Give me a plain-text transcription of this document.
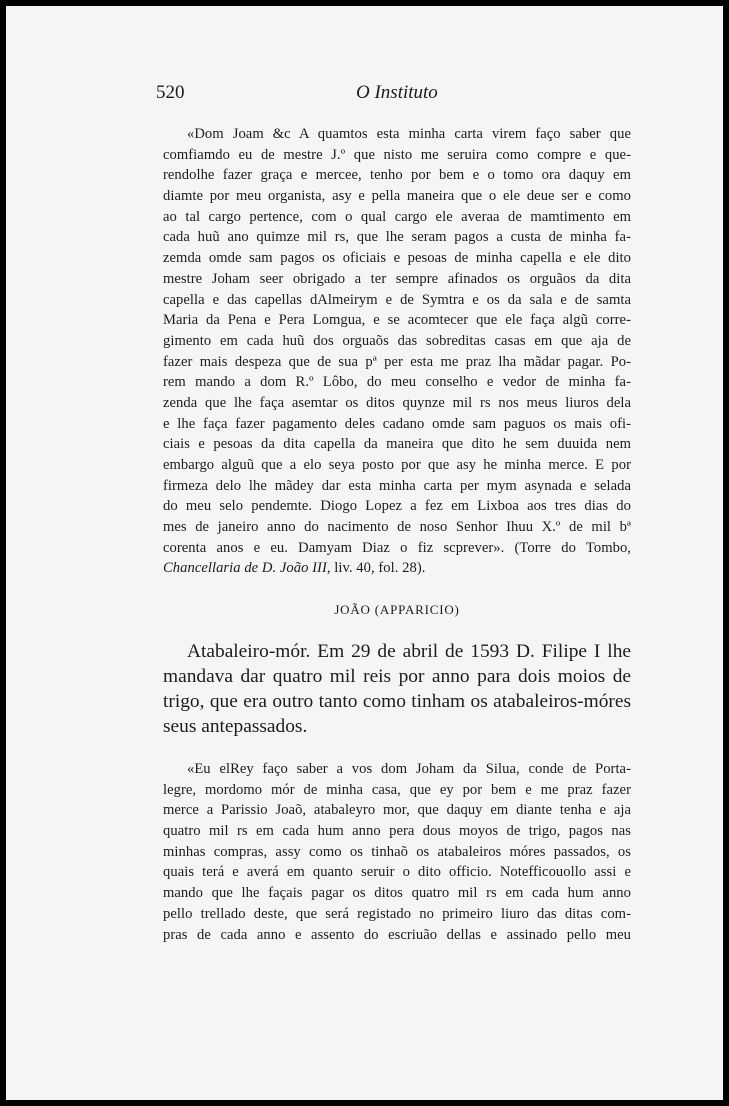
520	O Instituto
«Dom Joam &c A quamtos esta minha carta virem faço saber que
comfiamdo eu de mestre J.º que nisto me seruira como compre e que-
rendolhe fazer graça e mercee, tenho por bem e o tomo ora daquy em
diamte por meu organista, asy e pella maneira que o ele deue ser e como
ao tal cargo pertence, com o qual cargo ele averaa de mamtimento em
cada huũ ano quimze mil rs, que lhe seram pagos a custa de minha fa-
zemda omde sam pagos os oficiais e pesoas de minha capella e ele dito
mestre Joham seer obrigado a ter sempre afinados os orguãos da dita
capella e das capellas dAlmeirym e de Symtra e os da sala e de samta
Maria da Pena e Pera Lomgua, e se acomtecer que ele faça algũ corre-
gimento em cada huũ dos orguaõs das sobreditas casas em que aja de
fazer mais despeza que de sua pª per esta me praz lha mãdar pagar. Po-
rem mando a dom R.º Lôbo, do meu conselho e vedor de minha fa-
zenda que lhe faça asemtar os ditos quynze mil rs nos meus liuros dela
e lhe faça fazer pagamento deles cadano omde sam paguos os mais ofi-
ciais e pesoas da dita capella da maneira que dito he sem duuida nem
embargo alguũ que a elo seya posto por que asy he minha merce. E por
firmeza delo lhe mãdey dar esta minha carta per mym asynada e selada
do meu selo pendemte. Diogo Lopez a fez em Lixboa aos tres dias do
mes de janeiro anno do nacimento de noso Senhor Ihuu X.º de mil bª
corenta anos e eu. Damyam Diaz o fiz scprever». (Torre do Tombo,
Chancellaria de D. João III, liv. 40, fol. 28).
JOÃO (APPARICIO)
Atabaleiro-mór. Em 29 de abril de 1593 D. Filipe I lhe
mandava dar quatro mil reis por anno para dois moios de
trigo, que era outro tanto como tinham os atabaleiros-móres
seus antepassados.
«Eu elRey faço saber a vos dom Joham da Silua, conde de Porta-
legre, mordomo mór de minha casa, que ey por bem e me praz fazer
merce a Parissio Joaõ, atabaleyro mor, que daquy em diante tenha e aja
quatro mil rs em cada hum anno pera dous moyos de trigo, pagos nas
minhas compras, assy como os tinhaõ os atabaleiros móres passados, os
quais terá e averá em quanto seruir o dito officio. Notefficouollo assi e
mando que lhe façais pagar os ditos quatro mil rs em cada hum anno
pello trellado deste, que será registado no primeiro liuro das ditas com-
pras de cada anno e assento do escriuão dellas e assinado pello meu
